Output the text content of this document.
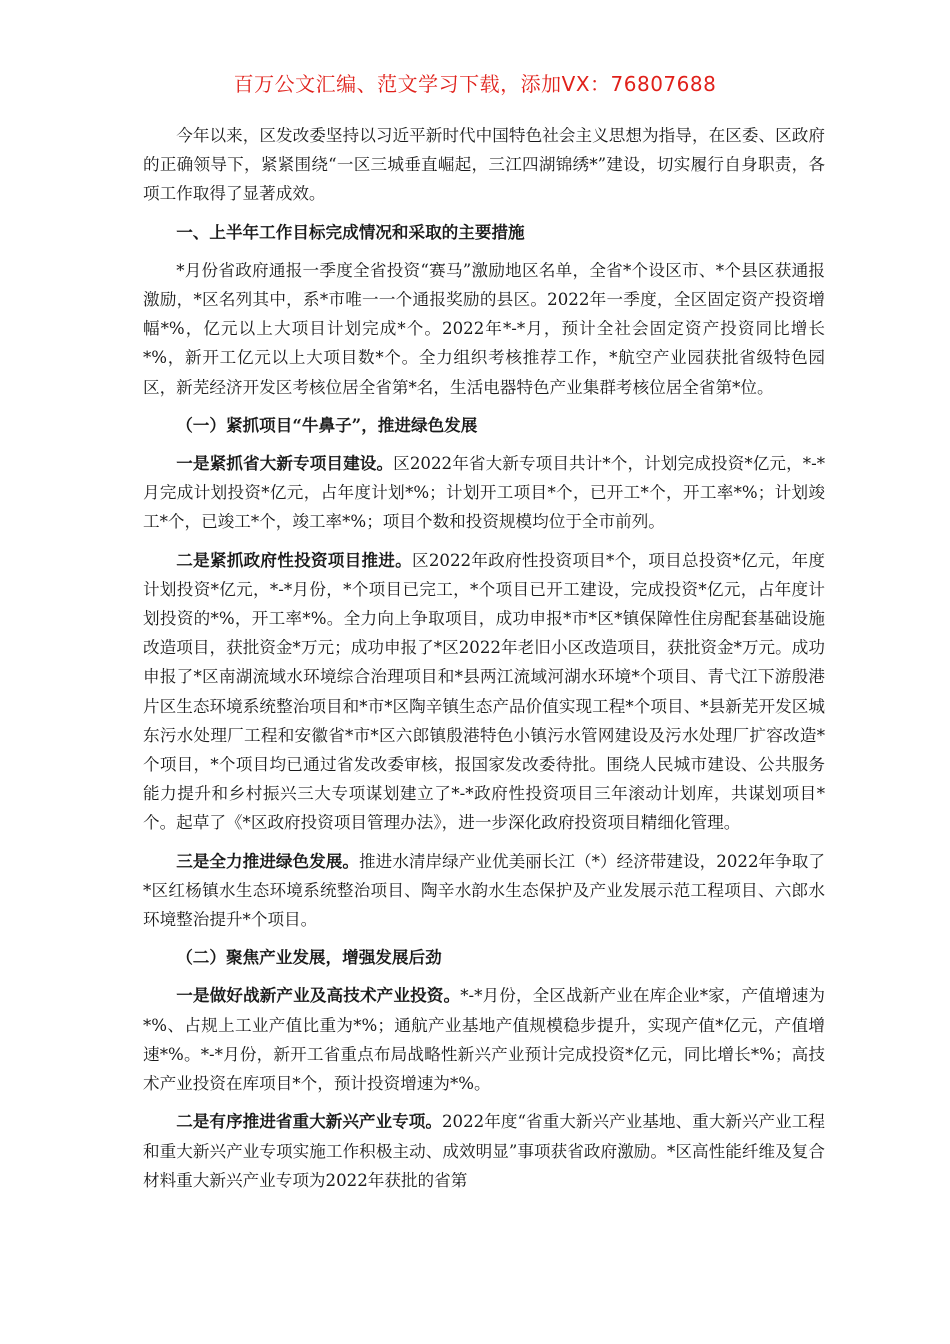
百万公文汇编、范文学习下载，添加VX：76807688

今年以来，区发改委坚持以习近平新时代中国特色社会主义思想为指导，在区委、区政府的正确领导下，紧紧围绕“一区三城垂直崛起，三江四湖锦绣*”建设，切实履行自身职责，各项工作取得了显著成效。

一、上半年工作目标完成情况和采取的主要措施

*月份省政府通报一季度全省投资“赛马”激励地区名单，全省*个设区市、*个县区获通报激励，*区名列其中，系*市唯一一个通报奖励的县区。2022年一季度，全区固定资产投资增幅*%，亿元以上大项目计划完成*个。2022年*-*月，预计全社会固定资产投资同比增长*%，新开工亿元以上大项目数*个。全力组织考核推荐工作，*航空产业园获批省级特色园区，新芜经济开发区考核位居全省第*名，生活电器特色产业集群考核位居全省第*位。

（一）紧抓项目“牛鼻子”，推进绿色发展

一是紧抓省大新专项目建设。区2022年省大新专项目共计*个，计划完成投资*亿元，*-*月完成计划投资*亿元，占年度计划*%；计划开工项目*个，已开工*个，开工率*%；计划竣工*个，已竣工*个，竣工率*%；项目个数和投资规模均位于全市前列。

二是紧抓政府性投资项目推进。区2022年政府性投资项目*个，项目总投资*亿元，年度计划投资*亿元，*-*月份，*个项目已完工，*个项目已开工建设，完成投资*亿元，占年度计划投资的*%，开工率*%。全力向上争取项目，成功申报*市*区*镇保障性住房配套基础设施改造项目，获批资金*万元；成功申报了*区2022年老旧小区改造项目，获批资金*万元。成功申报了*区南湖流域水环境综合治理项目和*县两江流域河湖水环境*个项目、青弋江下游殷港片区生态环境系统整治项目和*市*区陶辛镇生态产品价值实现工程*个项目、*县新芜开发区城东污水处理厂工程和安徽省*市*区六郎镇殷港特色小镇污水管网建设及污水处理厂扩容改造*个项目，*个项目均已通过省发改委审核，报国家发改委待批。围绕人民城市建设、公共服务能力提升和乡村振兴三大专项谋划建立了*-*政府性投资项目三年滚动计划库，共谋划项目*个。起草了《*区政府投资项目管理办法》，进一步深化政府投资项目精细化管理。

三是全力推进绿色发展。推进水清岸绿产业优美丽长江（*）经济带建设，2022年争取了*区红杨镇水生态环境系统整治项目、陶辛水韵水生态保护及产业发展示范工程项目、六郎水环境整治提升*个项目。

（二）聚焦产业发展，增强发展后劲

一是做好战新产业及高技术产业投资。*-*月份，全区战新产业在库企业*家，产值增速为*%、占规上工业产值比重为*%；通航产业基地产值规模稳步提升，实现产值*亿元，产值增速*%。*-*月份，新开工省重点布局战略性新兴产业预计完成投资*亿元，同比增长*%；高技术产业投资在库项目*个，预计投资增速为*%。

二是有序推进省重大新兴产业专项。2022年度“省重大新兴产业基地、重大新兴产业工程和重大新兴产业专项实施工作积极主动、成效明显”事项获省政府激励。*区高性能纤维及复合材料重大新兴产业专项为2022年获批的省第
